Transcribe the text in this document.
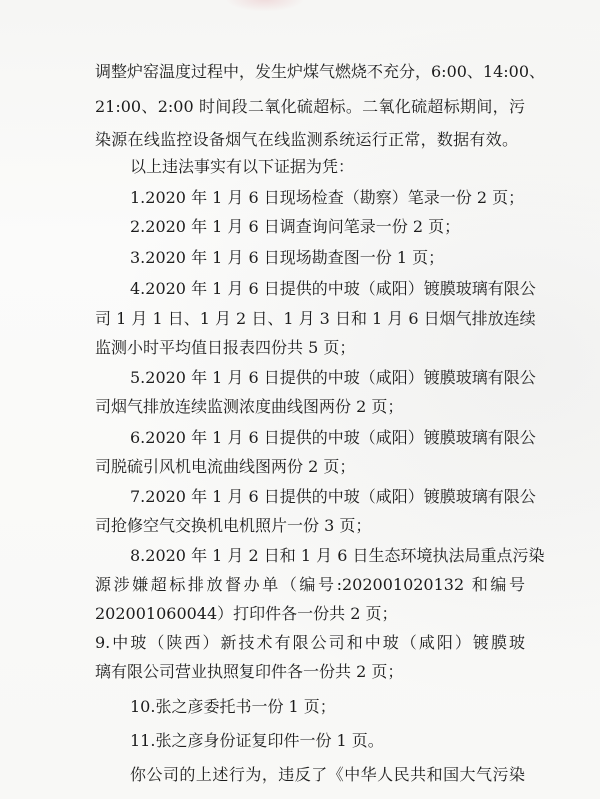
调整炉窑温度过程中，发生炉煤气燃烧不充分，6:00、14:00、
21:00、2:00 时间段二氧化硫超标。二氧化硫超标期间，污
染源在线监控设备烟气在线监测系统运行正常，数据有效。
以上违法事实有以下证据为凭：
1.2020 年 1 月 6 日现场检查（勘察）笔录一份 2 页；
2.2020 年 1 月 6 日调查询问笔录一份 2 页；
3.2020 年 1 月 6 日现场勘查图一份 1 页；
4.2020 年 1 月 6 日提供的中玻（咸阳）镀膜玻璃有限公
司 1 月 1 日、1 月 2 日、1 月 3 日和 1 月 6 日烟气排放连续
监测小时平均值日报表四份共 5 页；
5.2020 年 1 月 6 日提供的中玻（咸阳）镀膜玻璃有限公
司烟气排放连续监测浓度曲线图两份 2 页；
6.2020 年 1 月 6 日提供的中玻（咸阳）镀膜玻璃有限公
司脱硫引风机电流曲线图两份 2 页；
7.2020 年 1 月 6 日提供的中玻（咸阳）镀膜玻璃有限公
司抢修空气交换机电机照片一份 3 页；
8.2020 年 1 月 2 日和 1 月 6 日生态环境执法局重点污染
源涉嫌超标排放督办单（编号:202001020132 和编号
202001060044）打印件各一份共 2 页；
9.中玻（陕西）新技术有限公司和中玻（咸阳）镀膜玻
璃有限公司营业执照复印件各一份共 2 页；
10.张之彦委托书一份 1 页；
11.张之彦身份证复印件一份 1 页。
你公司的上述行为，违反了《中华人民共和国大气污染
